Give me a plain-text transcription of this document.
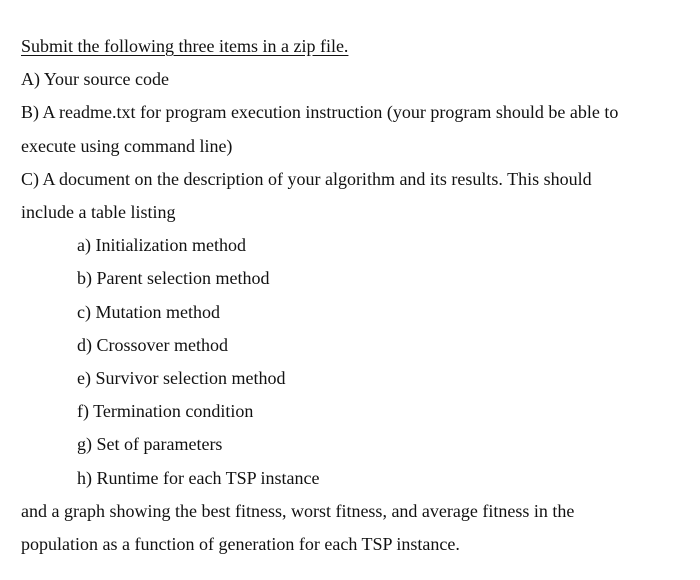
Submit the following three items in a zip file.

A) Your source code

B) A readme.txt for program execution instruction (your program should be able to

execute using command line)

C) A document on the description of your algorithm and its results. This should

include a table listing

a) Initialization method

b) Parent selection method

c) Mutation method

d) Crossover method

e) Survivor selection method

f) Termination condition

g) Set of parameters

h) Runtime for each TSP instance

and a graph showing the best fitness, worst fitness, and average fitness in the

population as a function of generation for each TSP instance.
